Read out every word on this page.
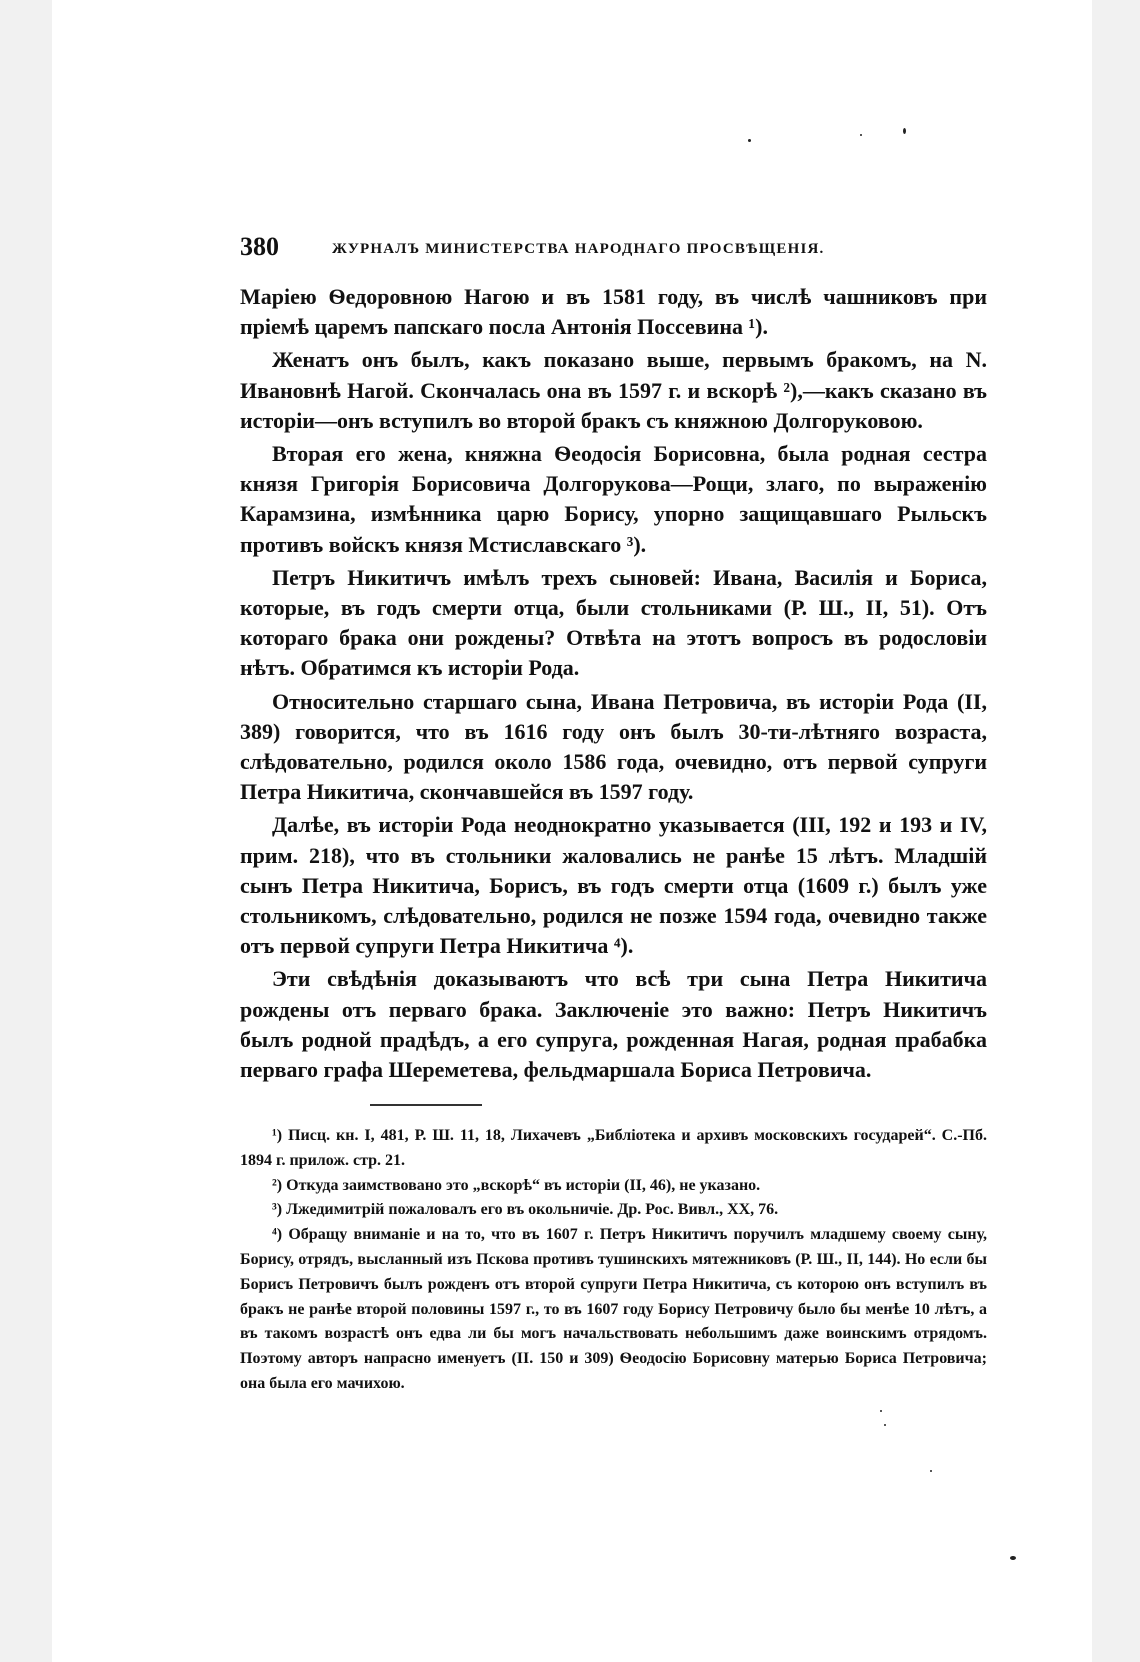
380	ЖУРНАЛЪ МИНИСТЕРСТВА НАРОДНАГО ПРОСВѢЩЕНІЯ.

Маріею Ѳедоровною Нагою и въ 1581 году, въ числѣ чашниковъ при пріемѣ царемъ папскаго посла Антонія Поссевина ¹).

Женатъ онъ былъ, какъ показано выше, первымъ бракомъ, на N. Ивановнѣ Нагой. Скончалась она въ 1597 г. и вскорѣ ²),—какъ сказано въ исторіи—онъ вступилъ во второй бракъ съ княжною Долгоруковою.

Вторая его жена, княжна Ѳеодосія Борисовна, была родная сестра князя Григорія Борисовича Долгорукова—Рощи, злаго, по выраженію Карамзина, измѣнника царю Борису, упорно защищавшаго Рыльскъ противъ войскъ князя Мстиславскаго ³).

Петръ Никитичъ имѣлъ трехъ сыновей: Ивана, Василія и Бориса, которые, въ годъ смерти отца, были стольниками (Р. Ш., II, 51). Отъ котораго брака они рождены? Отвѣта на этотъ вопросъ въ родословіи нѣтъ. Обратимся къ исторіи Рода.

Относительно старшаго сына, Ивана Петровича, въ исторіи Рода (II, 389) говорится, что въ 1616 году онъ былъ 30-ти-лѣтняго возраста, слѣдовательно, родился около 1586 года, очевидно, отъ первой супруги Петра Никитича, скончавшейся въ 1597 году.

Далѣе, въ исторіи Рода неоднократно указывается (III, 192 и 193 и IV, прим. 218), что въ стольники жаловались не ранѣе 15 лѣтъ. Младшій сынъ Петра Никитича, Борисъ, въ годъ смерти отца (1609 г.) былъ уже стольникомъ, слѣдовательно, родился не позже 1594 года, очевидно также отъ первой супруги Петра Никитича ⁴).

Эти свѣдѣнія доказываютъ что всѣ три сына Петра Никитича рождены отъ перваго брака. Заключеніе это важно: Петръ Никитичъ былъ родной прадѣдъ, а его супруга, рожденная Нагая, родная прабабка перваго графа Шереметева, фельдмаршала Бориса Петровича.

¹) Писц. кн. I, 481, Р. Ш. 11, 18, Лихачевъ „Библіотека и архивъ московскихъ государей“. С.-Пб. 1894 г. прилож. стр. 21.

²) Откуда заимствовано это „вскорѣ“ въ исторіи (II, 46), не указано.

³) Лжедимитрій пожаловалъ его въ окольничіе. Др. Рос. Вивл., XX, 76.

⁴) Обращу вниманіе и на то, что въ 1607 г. Петръ Никитичъ поручилъ младшему своему сыну, Борису, отрядъ, высланный изъ Пскова противъ тушинскихъ мятежниковъ (Р. Ш., II, 144). Но если бы Борисъ Петровичъ былъ рожденъ отъ второй супруги Петра Никитича, съ которою онъ вступилъ въ бракъ не ранѣе второй половины 1597 г., то въ 1607 году Борису Петровичу было бы менѣе 10 лѣтъ, а въ такомъ возрастѣ онъ едва ли бы могъ начальствовать небольшимъ даже воинскимъ отрядомъ. Поэтому авторъ напрасно именуетъ (II. 150 и 309) Ѳеодосію Борисовну матерью Бориса Петровича; она была его мачихою.
